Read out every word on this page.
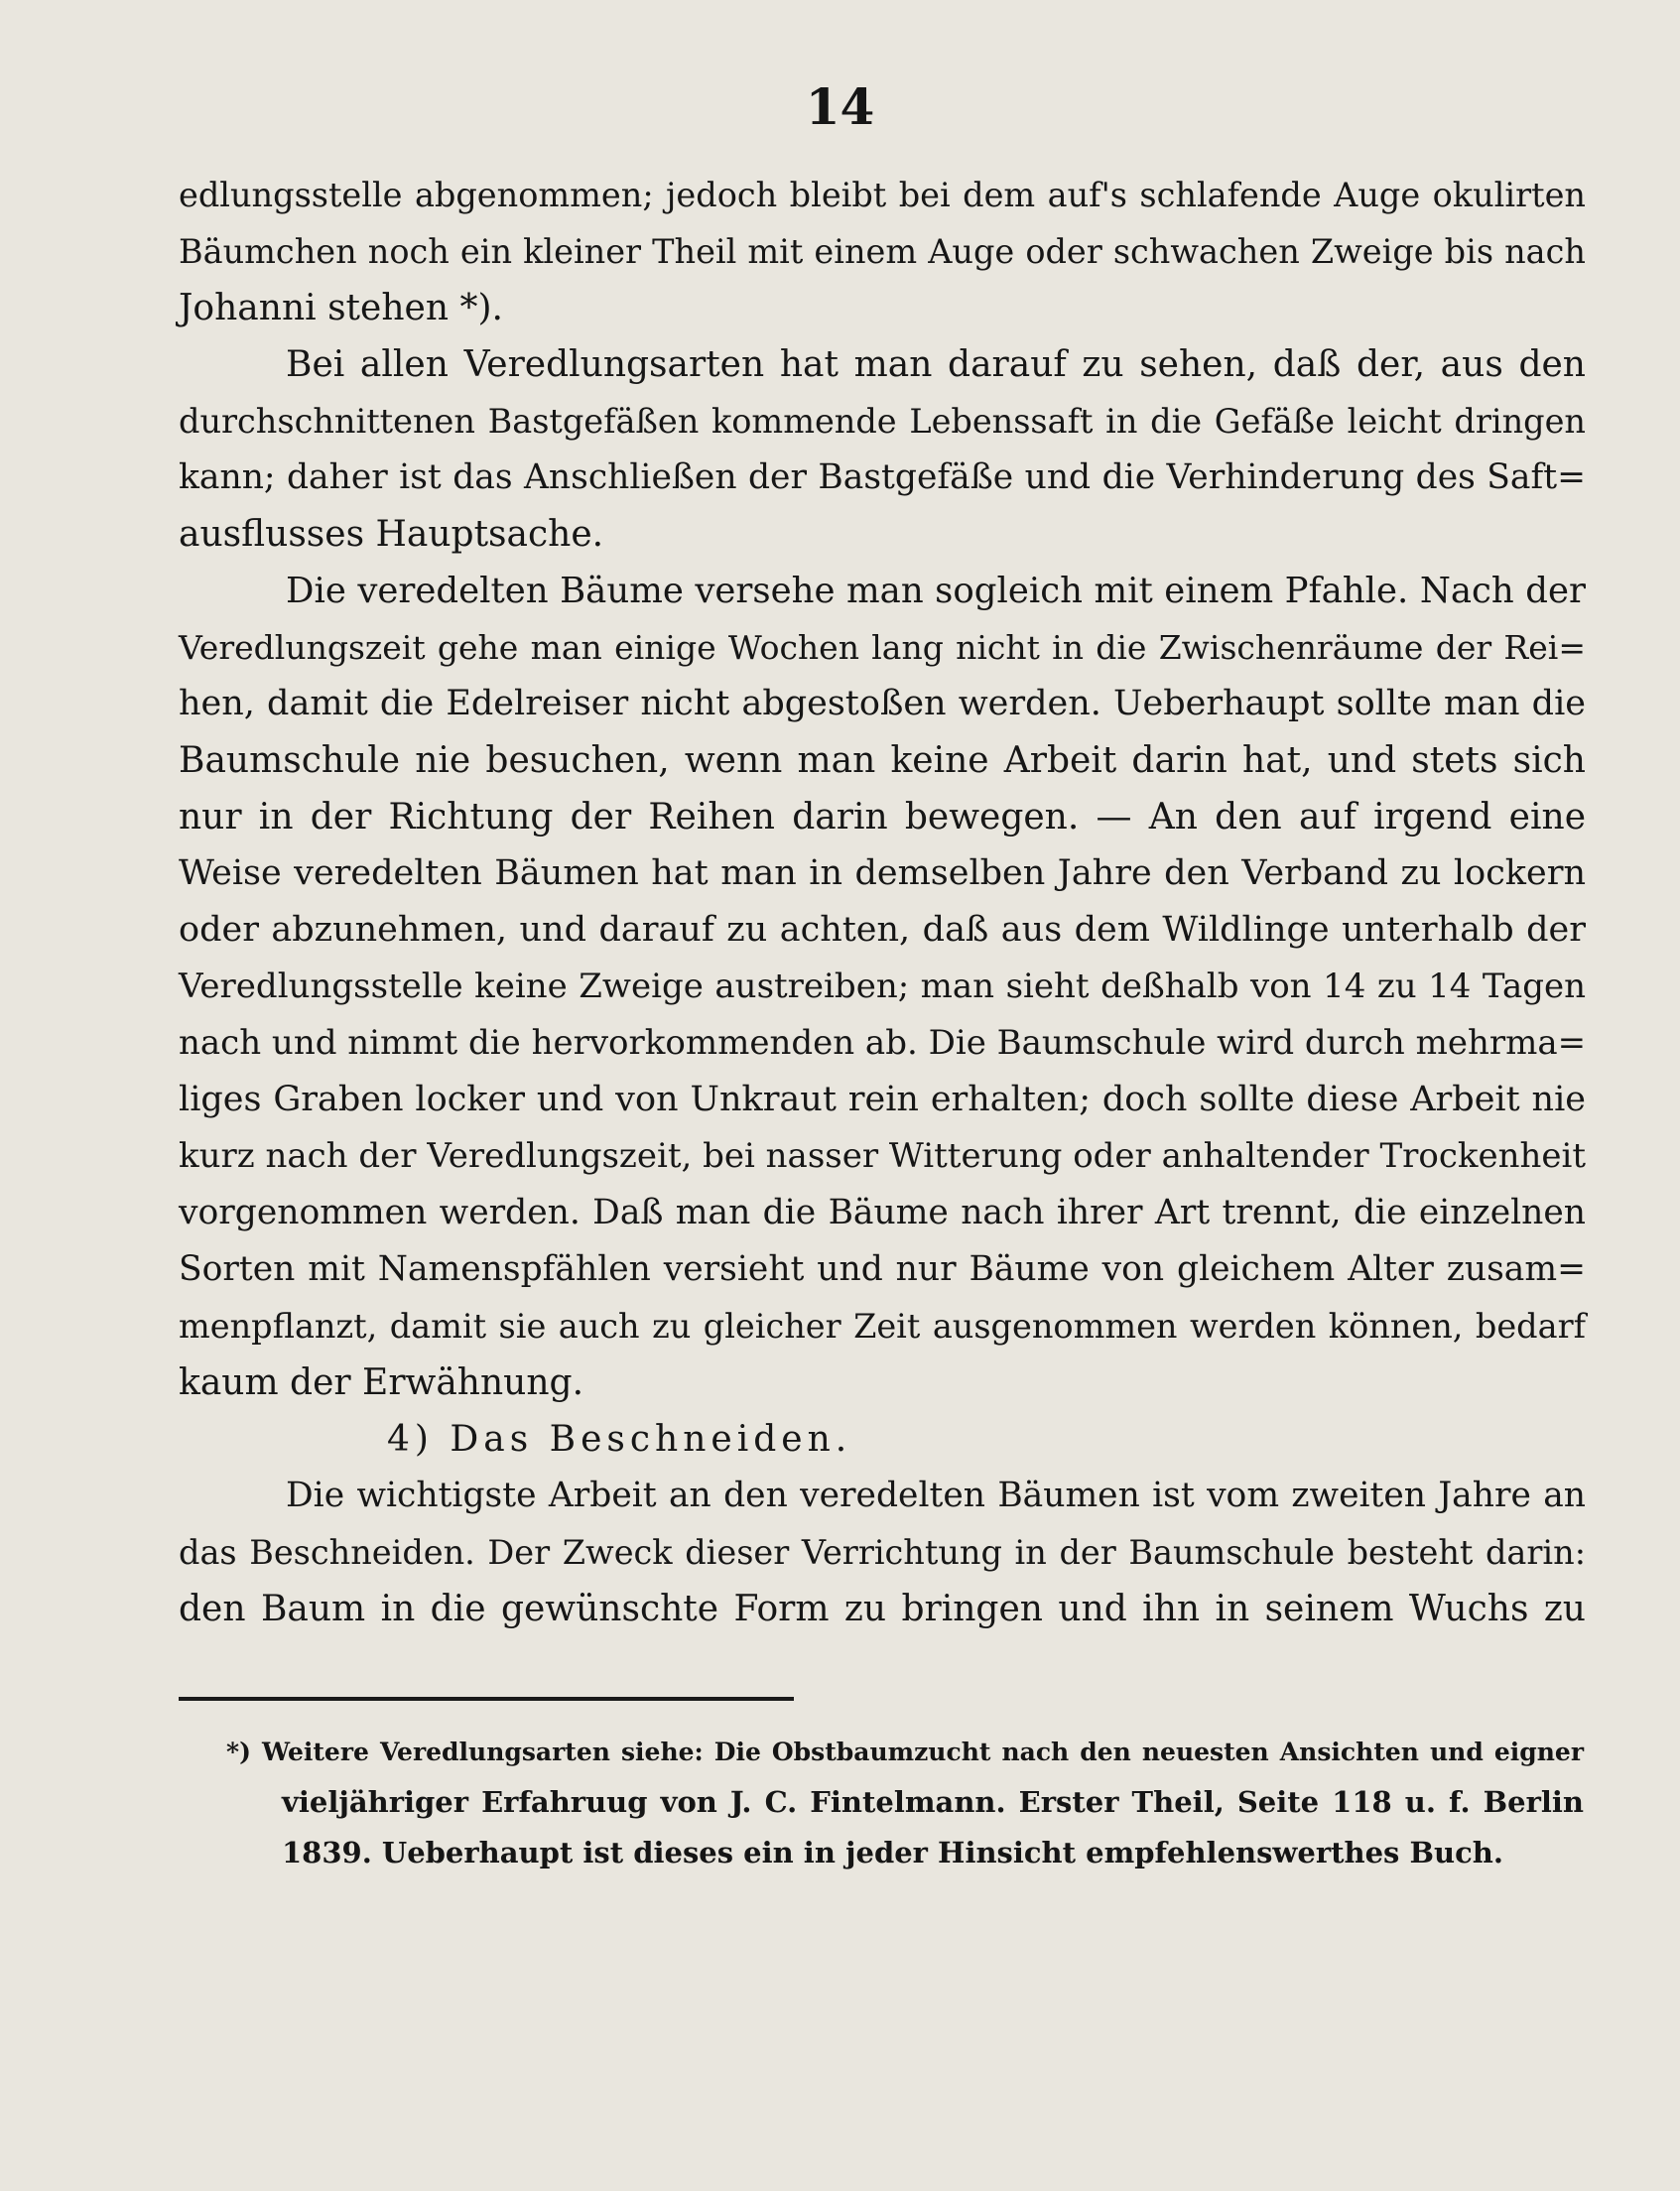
14
edlungsstelle abgenommen; jedoch bleibt bei dem auf's schlafende Auge okulirten
Bäumchen noch ein kleiner Theil mit einem Auge oder schwachen Zweige bis nach
Johanni stehen *).
Bei allen Veredlungsarten hat man darauf zu sehen, daß der, aus den
durchschnittenen Bastgefäßen kommende Lebenssaft in die Gefäße leicht dringen
kann; daher ist das Anschließen der Bastgefäße und die Verhinderung des Saft=
ausflusses Hauptsache.
Die veredelten Bäume versehe man sogleich mit einem Pfahle. Nach der
Veredlungszeit gehe man einige Wochen lang nicht in die Zwischenräume der Rei=
hen, damit die Edelreiser nicht abgestoßen werden. Ueberhaupt sollte man die
Baumschule nie besuchen, wenn man keine Arbeit darin hat, und stets sich
nur in der Richtung der Reihen darin bewegen. — An den auf irgend eine
Weise veredelten Bäumen hat man in demselben Jahre den Verband zu lockern
oder abzunehmen, und darauf zu achten, daß aus dem Wildlinge unterhalb der
Veredlungsstelle keine Zweige austreiben; man sieht deßhalb von 14 zu 14 Tagen
nach und nimmt die hervorkommenden ab. Die Baumschule wird durch mehrma=
liges Graben locker und von Unkraut rein erhalten; doch sollte diese Arbeit nie
kurz nach der Veredlungszeit, bei nasser Witterung oder anhaltender Trockenheit
vorgenommen werden. Daß man die Bäume nach ihrer Art trennt, die einzelnen
Sorten mit Namenspfählen versieht und nur Bäume von gleichem Alter zusam=
menpflanzt, damit sie auch zu gleicher Zeit ausgenommen werden können, bedarf
kaum der Erwähnung.
4) Das Beschneiden.
Die wichtigste Arbeit an den veredelten Bäumen ist vom zweiten Jahre an
das Beschneiden. Der Zweck dieser Verrichtung in der Baumschule besteht darin:
den Baum in die gewünschte Form zu bringen und ihn in seinem Wuchs zu
*) Weitere Veredlungsarten siehe: Die Obstbaumzucht nach den neuesten Ansichten und eigner
vieljähriger Erfahruug von J. C. Fintelmann. Erster Theil, Seite 118 u. f. Berlin
1839. Ueberhaupt ist dieses ein in jeder Hinsicht empfehlenswerthes Buch.
